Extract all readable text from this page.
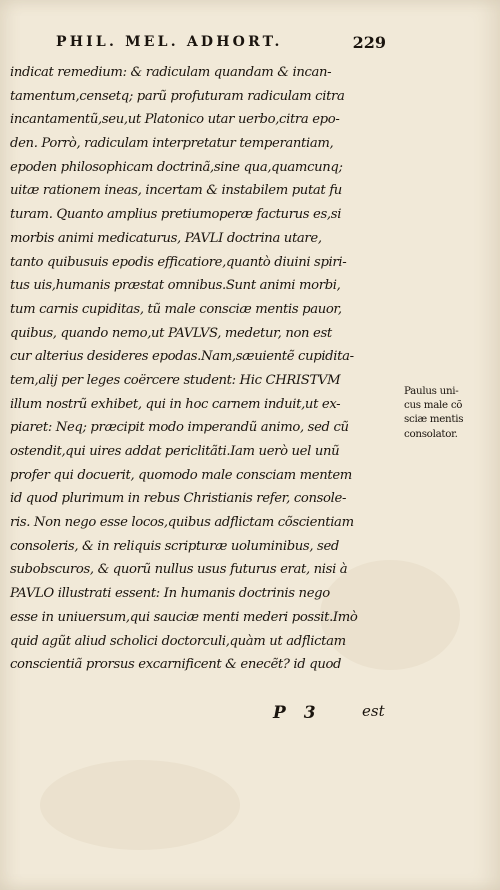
PHIL. MEL. ADHORT.	229
indicat remedium: & radiculam quandam & incan-
tamentum,censetq; parũ profuturam radiculam citra
incantamentũ,seu,ut Platonico utar uerbo,citra epo-
den. Porrò, radiculam interpretatur temperantiam,
epoden philosophicam doctrinã,sine qua,quamcunq;
uitæ rationem ineas, incertam & instabilem putat fu
turam. Quanto amplius pretiumoperæ facturus es,si
morbis animi medicaturus, PAVLI doctrina utare,
tanto quibusuis epodis efficatiore,quantò diuini spiri-
tus uis,humanis præstat omnibus.Sunt animi morbi,
tum carnis cupiditas, tũ male consciæ mentis pauor,
quibus, quando nemo,ut PAVLVS, medetur, non est
cur alterius desideres epodas.Nam,sæuientẽ cupidita-
tem,alij per leges coërcere student: Hic CHRISTVM
illum nostrũ exhibet, qui in hoc carnem induit,ut ex-
piaret: Neq; præcipit modo imperandũ animo, sed cũ
ostendit,qui uires addat periclitãti.Iam uerò uel unũ
profer qui docuerit, quomodo male consciam mentem
id quod plurimum in rebus Christianis refer, console-
ris. Non nego esse locos,quibus adflictam cõscientiam
consoleris, & in reliquis scripturæ uoluminibus, sed
subobscuros, & quorũ nullus usus futurus erat, nisi à
PAVLO illustrati essent: In humanis doctrinis nego
esse in uniuersum,qui sauciæ menti mederi possit.Imò
quid agũt aliud scholici doctorculi,quàm ut adflictam
conscientiã prorsus excarnificent & enecẽt? id quod
Paulus uni-
cus male cõ
sciæ mentis
consolator.
P 3	est
